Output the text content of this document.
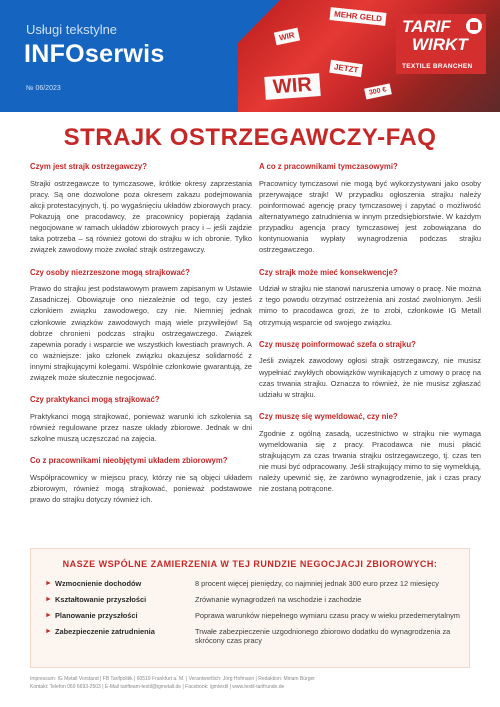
MEHR GELD
WIR
WIR
JETZT
300 €
Usługi tekstylne
INFOserwis
№ 06/2023
TARIF
WIRKT
TEXTILE BRANCHEN
STRAJK OSTRZEGAWCZY-FAQ
Czym jest strajk ostrzegawczy?
Strajki ostrzegawcze to tymczasowe, krótkie okresy zaprzestania pracy. Są one dozwolone poza okresem zakazu podejmowania akcji protestacyjnych, tj. po wygaśnięciu układów zbiorowych pracy. Pokazują one pracodawcy, że pracownicy popierają żądania negocjowane w ramach układów zbiorowych pracy i – jeśli zajdzie taka potrzeba – są również gotowi do strajku w ich obronie. Tylko związek zawodowy może zwołać strajk ostrzegawczy.
Czy osoby niezrzeszone mogą strajkować?
Prawo do strajku jest podstawowym prawem zapisanym w Ustawie Zasadniczej. Obowiązuje ono niezależnie od tego, czy jesteś członkiem związku zawodowego, czy nie. Niemniej jednak członkowie związków zawodowych mają wiele przywilejów! Są dobrze chronieni podczas strajku ostrzegawczego. Związek zapewnia porady i wsparcie we wszystkich kwestiach prawnych. A co ważniejsze: jako członek związku okazujesz solidarność z innymi strajkującymi kolegami. Wspólnie członkowie gwarantują, że związek może skutecznie negocjować.
Czy praktykanci mogą strajkować?
Praktykanci mogą strajkować, ponieważ warunki ich szkolenia są również regulowane przez nasze układy zbiorowe. Jednak w dni szkolne muszą uczęszczać na zajęcia.
Co z pracownikami nieobjętymi układem zbiorowym?
Współpracownicy w miejscu pracy, którzy nie są objęci układem zbiorowym, również mogą strajkować, ponieważ podstawowe prawo do strajku dotyczy również ich.
A co z pracownikami tymczasowymi?
Pracownicy tymczasowi nie mogą być wykorzystywani jako osoby przerywające strajk! W przypadku ogłoszenia strajku należy poinformować agencję pracy tymczasowej i zapytać o możliwość alternatywnego zatrudnienia w innym przedsiębiorstwie. W każdym przypadku agencja pracy tymczasowej jest zobowiązana do kontynuowania wypłaty wynagrodzenia podczas strajku ostrzegawczego.
Czy strajk może mieć konsekwencje?
Udział w strajku nie stanowi naruszenia umowy o pracę. Nie można z tego powodu otrzymać ostrzeżenia ani zostać zwolnionym. Jeśli mimo to pracodawca grozi, że to zrobi, członkowie IG Metall otrzymują wsparcie od swojego związku.
Czy muszę poinformować szefa o strajku?
Jeśli związek zawodowy ogłosi strajk ostrzegawczy, nie musisz wypełniać zwykłych obowiązków wynikających z umowy o pracę na czas trwania strajku. Oznacza to również, że nie musisz zgłaszać udziału w strajku.
Czy muszę się wymeldować, czy nie?
Zgodnie z ogólną zasadą, uczestnictwo w strajku nie wymaga wymeldowania się z pracy. Pracodawca nie musi płacić strajkującym za czas trwania strajku ostrzegawczego, tj. czas ten nie musi być odpracowany. Jeśli strajkujący mimo to się wymeldują, należy upewnić się, że zarówno wynagrodzenie, jak i czas pracy nie zostaną potrącone.
NASZE WSPÓLNE ZAMIERZENIA W TEJ RUNDZIE NEGOCJACJI ZBIOROWYCH:
► Wzmocnienie dochodów	8 procent więcej pieniędzy, co najmniej jednak 300 euro przez 12 miesięcy
► Kształtowanie przyszłości	Zrównanie wynagrodzeń na wschodzie i zachodzie
► Planowanie przyszłości	Poprawa warunków niepełnego wymiaru czasu pracy w wieku przedemerytalnym
► Zabezpieczenie zatrudnienia	Trwałe zabezpieczenie uzgodnionego zbiorowo dodatku do wynagrodzenia za skróconу czas pracy
Impressum: IG Metall Vorstand | FB Tarifpolitik | 60519 Frankfurt a. M. | Verantwortlich: Jörg Hofmann | Redaktion: Miriam Bürger
Kontakt: Telefon 069 6693-2503 | E-Mail tarifteam-textil@igmetall.de | Facebook: igmtextil | www.textil-tarifrunde.de
